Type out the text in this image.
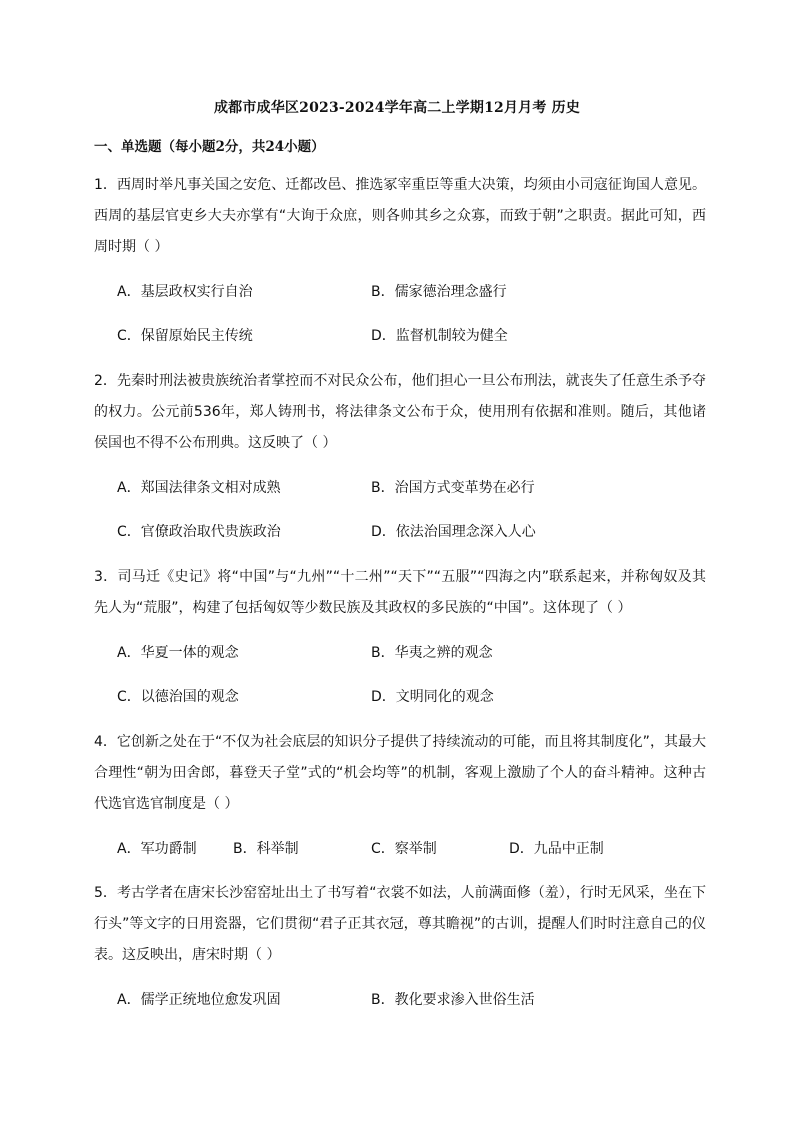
成都市成华区2023-2024学年高二上学期12月月考 历史
一、单选题（每小题2分，共24小题）
1．西周时举凡事关国之安危、迁都改邑、推选冢宰重臣等重大决策，均须由小司寇征询国人意见。西周的基层官吏乡大夫亦掌有“大询于众庶，则各帅其乡之众寡，而致于朝”之职责。据此可知，西周时期（ ）
A．基层政权实行自治	B．儒家德治理念盛行
C．保留原始民主传统	D．监督机制较为健全
2．先秦时刑法被贵族统治者掌控而不对民众公布，他们担心一旦公布刑法，就丧失了任意生杀予夺的权力。公元前536年，郑人铸刑书，将法律条文公布于众，使用刑有依据和准则。随后，其他诸侯国也不得不公布刑典。这反映了（ ）
A．郑国法律条文相对成熟	B．治国方式变革势在必行
C．官僚政治取代贵族政治	D．依法治国理念深入人心
3．司马迁《史记》将“中国”与“九州”“十二州”“天下”“五服”“四海之内”联系起来，并称匈奴及其先人为“荒服”，构建了包括匈奴等少数民族及其政权的多民族的“中国”。这体现了（ ）
A．华夏一体的观念	B．华夷之辨的观念
C．以德治国的观念	D．文明同化的观念
4．它创新之处在于“不仅为社会底层的知识分子提供了持续流动的可能，而且将其制度化”，其最大合理性“朝为田舍郎，暮登天子堂”式的“机会均等”的机制，客观上激励了个人的奋斗精神。这种古代选官选官制度是（ ）
A．军功爵制	B．科举制	C．察举制	D．九品中正制
5．考古学者在唐宋长沙窑窑址出土了书写着“衣裳不如法，人前满面修（羞），行时无风采，坐在下行头”等文字的日用瓷器，它们贯彻“君子正其衣冠，尊其瞻视”的古训，提醒人们时时注意自己的仪表。这反映出，唐宋时期（ ）
A．儒学正统地位愈发巩固	B．教化要求渗入世俗生活
